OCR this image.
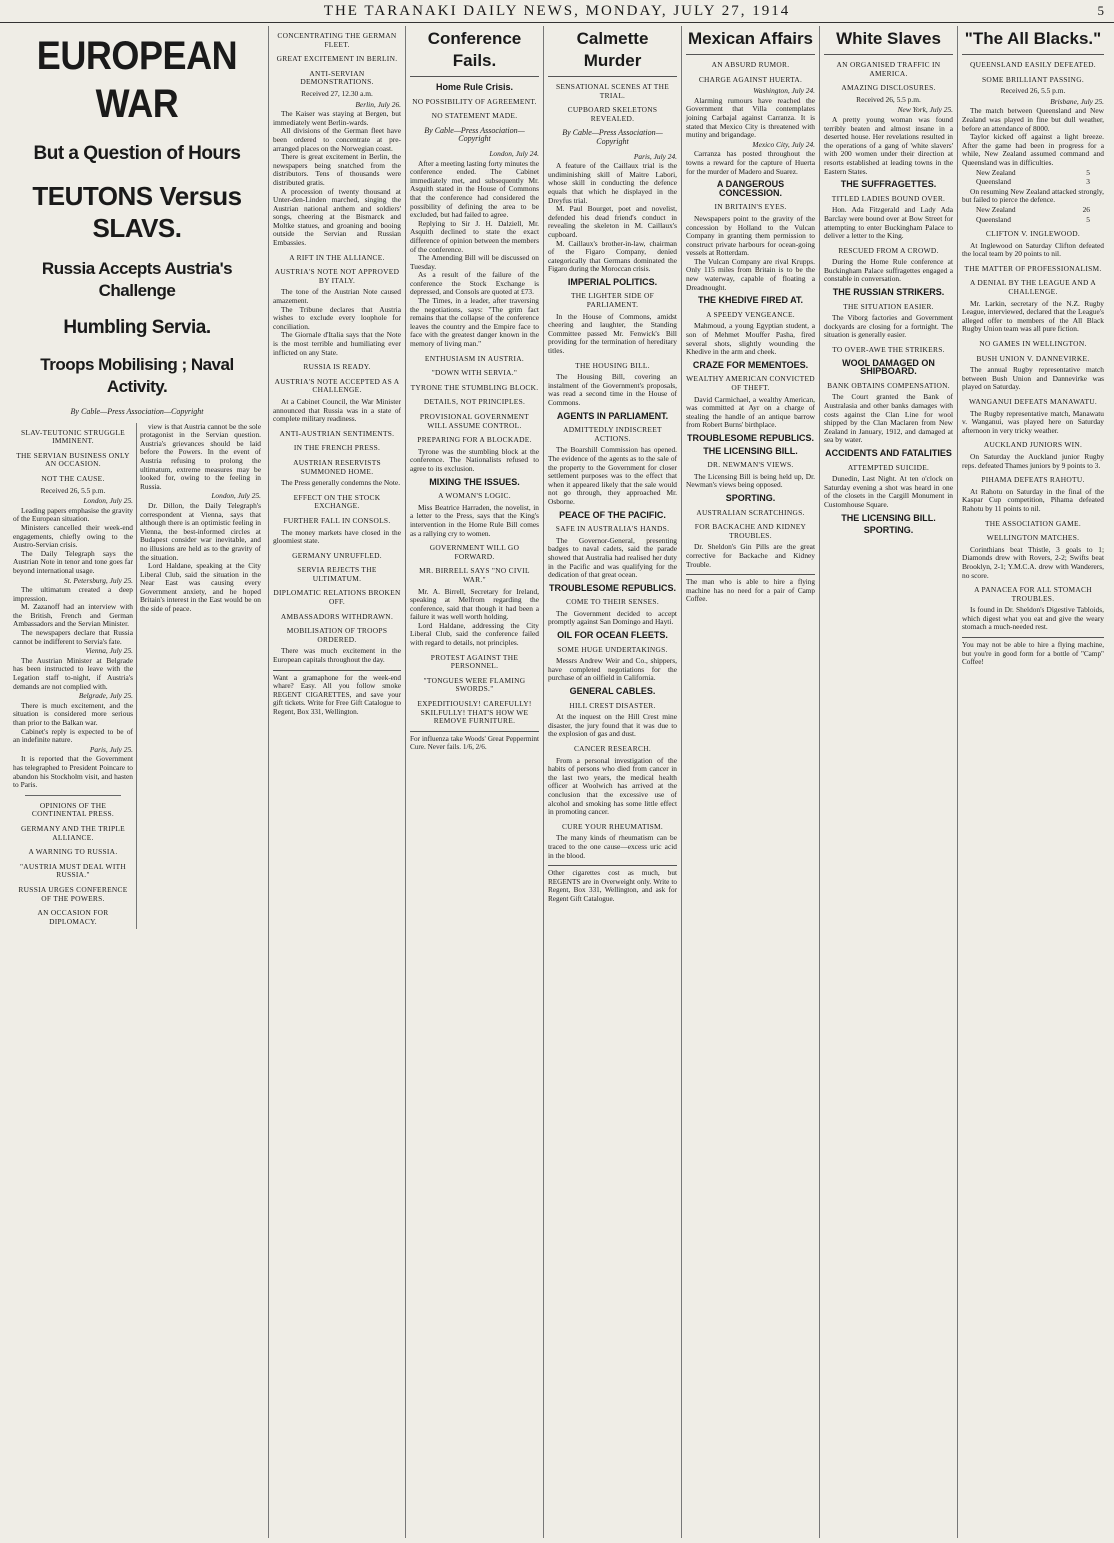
THE TARANAKI DAILY NEWS, MONDAY, JULY 27, 1914	5
EUROPEAN WAR
But a Question of Hours
TEUTONS Versus SLAVS.
Russia Accepts Austria's Challenge
Humbling Servia.
Troops Mobilising ; Naval Activity.
By Cable—Press Association—Copyright
SLAV-TEUTONIC STRUGGLE IMMINENT.
THE SERVIAN BUSINESS ONLY AN OCCASION.
NOT THE CAUSE.
Received 26, 5.5 p.m.
London, July 25.

Leading papers emphasise the gravity of the European situation.

Ministers cancelled their week-end engagements, chiefly owing to the Austro-Servian crisis.

The Daily Telegraph says the Austrian Note in tenor and tone goes far beyond international usage.

St. Petersburg, July 25.

The ultimatum created a deep impression.

M. Zazanoff had an interview with the British, French and German Ambassadors and the Servian Minister.

The newspapers declare that Russia cannot be indifferent to Servia's fate.

Vienna, July 25.

The Austrian Minister at Belgrade has been instructed to leave with the Legation staff to-night, if Austria's demands are not complied with.

Belgrade, July 25.

There is much excitement, and the situation is considered more serious than prior to the Balkan war.

Cabinet's reply is expected to be of an indefinite nature.

Paris, July 25.

It is reported that the Government has telegraphed to President Poincare to abandon his Stockholm visit, and hasten to Paris.

OPINIONS OF THE CONTINENTAL PRESS.
GERMANY AND THE TRIPLE ALLIANCE.
A WARNING TO RUSSIA.
"AUSTRIA MUST DEAL WITH RUSSIA."
RUSSIA URGES CONFERENCE OF THE POWERS.
AN OCCASION FOR DIPLOMACY.

view is that Austria cannot be the sole protagonist in the Servian question. Austria's grievances should be laid before the Powers. In the event of Austria refusing to prolong the ultimatum, extreme measures may be looked for, owing to the feeling in Russia.

London, July 25.

Dr. Dillon, the Daily Telegraph's correspondent at Vienna, says that although there is an optimistic feeling in Vienna, the best-informed circles at Budapest consider war inevitable, and no illusions are held as to the gravity of the situation.

Lord Haldane, speaking at the City Liberal Club, said the situation in the Near East was causing every Government anxiety, and he hoped Britain's interest in the East would be on the side of peace.

CONCENTRATING THE GERMAN FLEET.
GREAT EXCITEMENT IN BERLIN.
ANTI-SERVIAN DEMONSTRATIONS.
Received 27, 12.30 a.m.
Berlin, July 26.

The Kaiser was staying at Bergen, but immediately went Berlin-wards.

All divisions of the German fleet have been ordered to concentrate at pre-arranged places on the Norwegian coast.

There is great excitement in Berlin, the newspapers being snatched from the distributors. Tens of thousands were distributed gratis.

A procession of twenty thousand at Unter-den-Linden marched, singing the Austrian national anthem and soldiers' songs, cheering at the Bismarck and Moltke statues, and groaning and booing outside the Servian and Russian Embassies.

A RIFT IN THE ALLIANCE.
AUSTRIA'S NOTE NOT APPROVED BY ITALY.

The tone of the Austrian Note caused amazement.

The Tribune declares that Austria wishes to exclude every loophole for conciliation.

The Giornale d'Italia says that the Note is the most terrible and humiliating ever inflicted on any State.

RUSSIA IS READY.
AUSTRIA'S NOTE ACCEPTED AS A CHALLENGE.

At a Cabinet Council, the War Minister announced that Russia was in a state of complete military readiness.

ANTI-AUSTRIAN SENTIMENTS.
IN THE FRENCH PRESS.
AUSTRIAN RESERVISTS SUMMONED HOME.

The Press generally condemns the Note.

EFFECT ON THE STOCK EXCHANGE.
FURTHER FALL IN CONSOLS.

The money markets have closed in the gloomiest state.

GERMANY UNRUFFLED.
SERVIA REJECTS THE ULTIMATUM.
DIPLOMATIC RELATIONS BROKEN OFF.
AMBASSADORS WITHDRAWN.
MOBILISATION OF TROOPS ORDERED.

There was much excitement in the European capitals throughout the day.

Want a gramaphone for the week-end whare? Easy. All you follow smoke REGENT CIGARETTES, and save your gift tickets. Write for Free Gift Catalogue to Regent, Box 331, Wellington.
Conference Fails.
Home Rule Crisis.
NO POSSIBILITY OF AGREEMENT.
NO STATEMENT MADE.
By Cable—Press Association—Copyright
London, July 24.

After a meeting lasting forty minutes the conference ended. The Cabinet immediately met, and subsequently Mr. Asquith stated in the House of Commons that the conference had considered the possibility of defining the area to be excluded, but had failed to agree.

Replying to Sir J. H. Dalziell, Mr. Asquith declined to state the exact difference of opinion between the members of the conference.

The Amending Bill will be discussed on Tuesday.

As a result of the failure of the conference the Stock Exchange is depressed, and Consols are quoted at £73.

The Times, in a leader, after traversing the negotiations, says: "The grim fact remains that the collapse of the conference leaves the country and the Empire face to face with the greatest danger known in the memory of living man."

ENTHUSIASM IN AUSTRIA.
"DOWN WITH SERVIA."
TYRONE THE STUMBLING BLOCK.
DETAILS, NOT PRINCIPLES.
PROVISIONAL GOVERNMENT WILL ASSUME CONTROL.
PREPARING FOR A BLOCKADE.

Tyrone was the stumbling block at the conference. The Nationalists refused to agree to its exclusion.

MIXING THE ISSUES.
A WOMAN'S LOGIC.

Miss Beatrice Harraden, the novelist, in a letter to the Press, says that the King's intervention in the Home Rule Bill comes as a rallying cry to women.

GOVERNMENT WILL GO FORWARD.
MR. BIRRELL SAYS "NO CIVIL WAR."

Mr. A. Birrell, Secretary for Ireland, speaking at Melfrom regarding the conference, said that though it had been a failure it was well worth holding.

Lord Haldane, addressing the City Liberal Club, said the conference failed with regard to details, not principles.

PROTEST AGAINST THE PERSONNEL.
"TONGUES WERE FLAMING SWORDS."
EXPEDITIOUSLY! CAREFULLY! SKILFULLY! THAT'S HOW WE REMOVE FURNITURE.
For influenza take Woods' Great Peppermint Cure. Never fails. 1/6, 2/6.
Calmette Murder
SENSATIONAL SCENES AT THE TRIAL.
CUPBOARD SKELETONS REVEALED.
By Cable—Press Association—Copyright
Paris, July 24.

A feature of the Caillaux trial is the undiminishing skill of Maitre Labori, whose skill in conducting the defence equals that which he displayed in the Dreyfus trial.

M. Paul Bourget, poet and novelist, defended his dead friend's conduct in revealing the skeleton in M. Caillaux's cupboard.

M. Caillaux's brother-in-law, chairman of the Figaro Company, denied categorically that Germans dominated the Figaro during the Moroccan crisis.

IMPERIAL POLITICS.
THE LIGHTER SIDE OF PARLIAMENT.

In the House of Commons, amidst cheering and laughter, the Standing Committee passed Mr. Fenwick's Bill providing for the termination of hereditary titles.

THE HOUSING BILL.

The Housing Bill, covering an instalment of the Government's proposals, was read a second time in the House of Commons.

AGENTS IN PARLIAMENT.
ADMITTEDLY INDISCREET ACTIONS.

The Boarshill Commission has opened. The evidence of the agents as to the sale of the property to the Government for closer settlement purposes was to the effect that when it appeared likely that the sale would not go through, they approached Mr. Osborne.

PEACE OF THE PACIFIC.
SAFE IN AUSTRALIA'S HANDS.

The Governor-General, presenting badges to naval cadets, said the parade showed that Australia had realised her duty in the Pacific and was qualifying for the dedication of that great ocean.

TROUBLESOME REPUBLICS.
COME TO THEIR SENSES.

The Government decided to accept promptly against San Domingo and Hayti.

OIL FOR OCEAN FLEETS.
SOME HUGE UNDERTAKINGS.

Messrs Andrew Weir and Co., shippers, have completed negotiations for the purchase of an oilfield in California.

GENERAL CABLES.
HILL CREST DISASTER.

At the inquest on the Hill Crest mine disaster, the jury found that it was due to the explosion of gas and dust.

CANCER RESEARCH.

From a personal investigation of the habits of persons who died from cancer in the last two years, the medical health officer at Woolwich has arrived at the conclusion that the excessive use of alcohol and smoking has some little effect in promoting cancer.

CURE YOUR RHEUMATISM.

The many kinds of rheumatism can be traced to the one cause—excess uric acid in the blood.

Other cigarettes cost as much, but REGENTS are in Overweight only. Write to Regent, Box 331, Wellington, and ask for Regent Gift Catalogue.
Mexican Affairs
AN ABSURD RUMOR.
CHARGE AGAINST HUERTA.
Washington, July 24.

Alarming rumours have reached the Government that Villa contemplates joining Carbajal against Carranza. It is stated that Mexico City is threatened with mutiny and brigandage.

Mexico City, July 24.

Carranza has posted throughout the towns a reward for the capture of Huerta for the murder of Madero and Suarez.

A DANGEROUS CONCESSION.
IN BRITAIN'S EYES.

Newspapers point to the gravity of the concession by Holland to the Vulcan Company in granting them permission to construct private harbours for ocean-going vessels at Rotterdam.

The Vulcan Company are rival Krupps. Only 115 miles from Britain is to be the new waterway, capable of floating a Dreadnought.

THE KHEDIVE FIRED AT.
A SPEEDY VENGEANCE.

Mahmoud, a young Egyptian student, a son of Mehmet Mouffer Pasha, fired several shots, slightly wounding the Khedive in the arm and cheek.

CRAZE FOR MEMENTOES.
WEALTHY AMERICAN CONVICTED OF THEFT.

David Carmichael, a wealthy American, was committed at Ayr on a charge of stealing the handle of an antique barrow from Robert Burns' birthplace.

TROUBLESOME REPUBLICS.
THE LICENSING BILL.
DR. NEWMAN'S VIEWS.

The Licensing Bill is being held up, Dr. Newman's views being opposed.

SPORTING.
AUSTRALIAN SCRATCHINGS.
FOR BACKACHE AND KIDNEY TROUBLES.

Dr. Sheldon's Gin Pills are the great corrective for Backache and Kidney Trouble.

The man who is able to hire a flying machine has no need for a pair of Camp Coffee.
White Slaves
AN ORGANISED TRAFFIC IN AMERICA.
AMAZING DISCLOSURES.
Received 26, 5.5 p.m.
New York, July 25.

A pretty young woman was found terribly beaten and almost insane in a deserted house. Her revelations resulted in the operations of a gang of 'white slavers' with 200 women under their direction at resorts established at leading towns in the Eastern States.

THE SUFFRAGETTES.
TITLED LADIES BOUND OVER.

Hon. Ada Fitzgerald and Lady Ada Barclay were bound over at Bow Street for attempting to enter Buckingham Palace to deliver a letter to the King.

RESCUED FROM A CROWD.

During the Home Rule conference at Buckingham Palace suffragettes engaged a constable in conversation.

THE RUSSIAN STRIKERS.
THE SITUATION EASIER.

The Viborg factories and Government dockyards are closing for a fortnight. The situation is generally easier.

TO OVER-AWE THE STRIKERS.
WOOL DAMAGED ON SHIPBOARD.
BANK OBTAINS COMPENSATION.

The Court granted the Bank of Australasia and other banks damages with costs against the Clan Line for wool shipped by the Clan Maclaren from New Zealand in January, 1912, and damaged at sea by water.

ACCIDENTS AND FATALITIES
ATTEMPTED SUICIDE.

Dunedin, Last Night. At ten o'clock on Saturday evening a shot was heard in one of the closets in the Cargill Monument in Customhouse Square.

THE LICENSING BILL.
SPORTING.
"The All Blacks."
QUEENSLAND EASILY DEFEATED.
SOME BRILLIANT PASSING.
Received 26, 5.5 p.m.
Brisbane, July 25.

The match between Queensland and New Zealand was played in fine but dull weather, before an attendance of 8000.

Taylor kicked off against a light breeze. After the game had been in progress for a while, New Zealand assumed command and Queensland was in difficulties.

New Zealand	5
Queensland	3

On resuming New Zealand attacked strongly, but failed to pierce the defence.

New Zealand	26
Queensland	5
CLIFTON V. INGLEWOOD.

At Inglewood on Saturday Clifton defeated the local team by 20 points to nil.

THE MATTER OF PROFESSIONALISM.
A DENIAL BY THE LEAGUE AND A CHALLENGE.

Mr. Larkin, secretary of the N.Z. Rugby League, interviewed, declared that the League's alleged offer to members of the All Black Rugby Union team was all pure fiction.

NO GAMES IN WELLINGTON.
BUSH UNION V. DANNEVIRKE.

The annual Rugby representative match between Bush Union and Dannevirke was played on Saturday.

WANGANUI DEFEATS MANAWATU.

The Rugby representative match, Manawatu v. Wanganui, was played here on Saturday afternoon in very tricky weather.

AUCKLAND JUNIORS WIN.

On Saturday the Auckland junior Rugby reps. defeated Thames juniors by 9 points to 3.

PIHAMA DEFEATS RAHOTU.

At Rahotu on Saturday in the final of the Kaspar Cup competition, Pihama defeated Rahotu by 11 points to nil.

THE ASSOCIATION GAME.
WELLINGTON MATCHES.

Corinthians beat Thistle, 3 goals to 1; Diamonds drew with Rovers, 2-2; Swifts beat Brooklyn, 2-1; Y.M.C.A. drew with Wanderers, no score.

A PANACEA FOR ALL STOMACH TROUBLES.

Is found in Dr. Sheldon's Digestive Tabloids, which digest what you eat and give the weary stomach a much-needed rest.

You may not be able to hire a flying machine, but you're in good form for a bottle of "Camp" Coffee!
